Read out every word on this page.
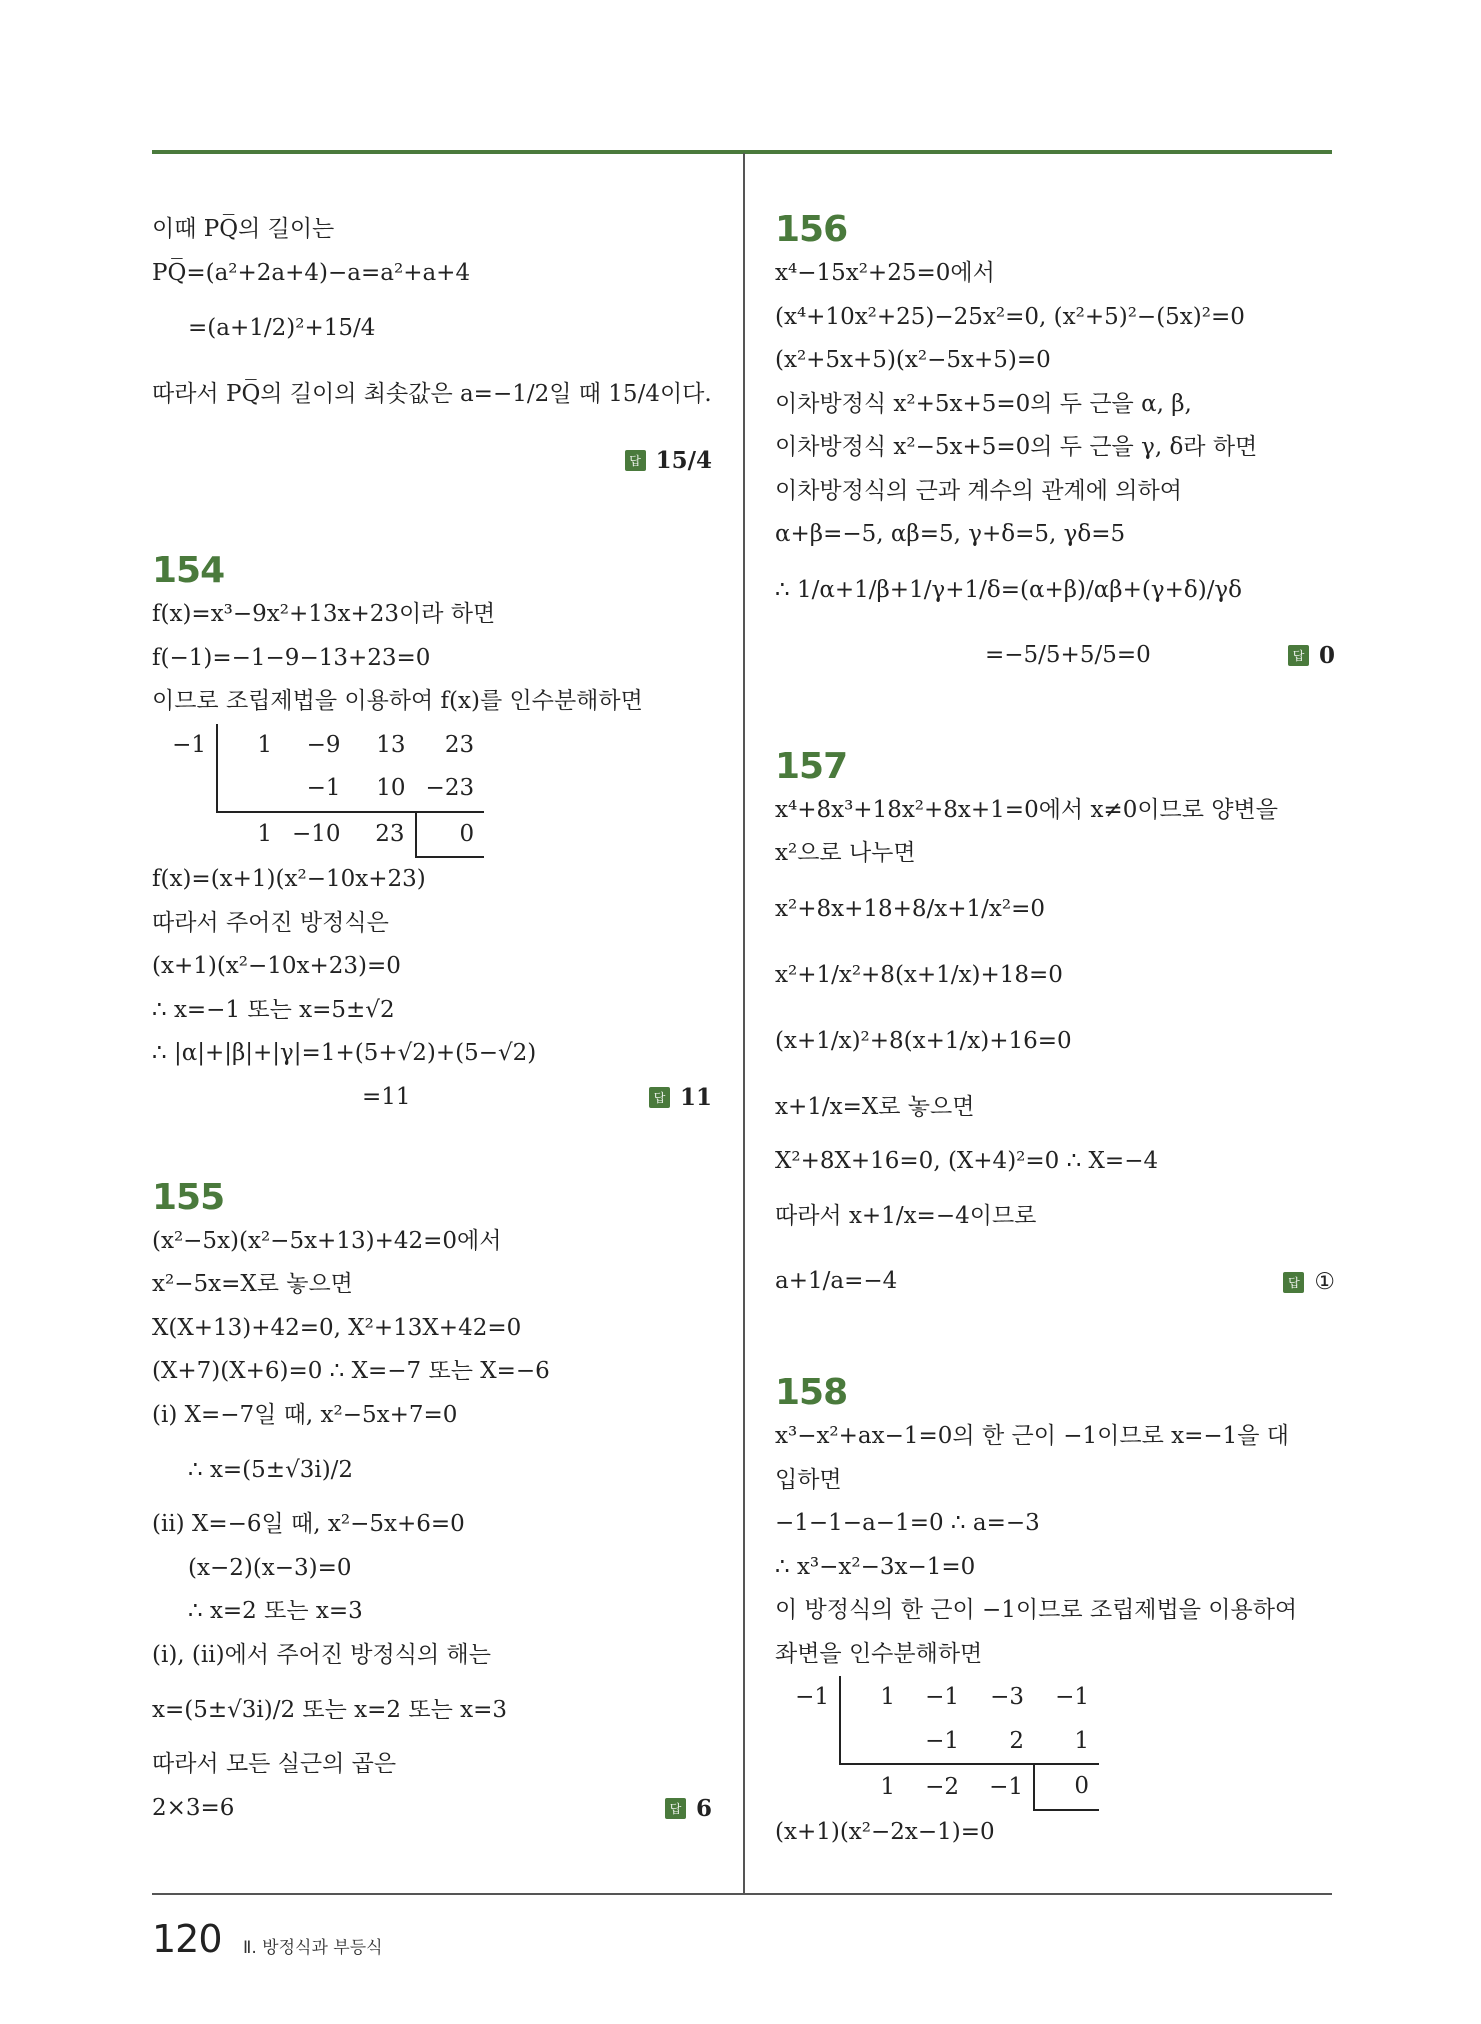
이때 PQ̅의 길이는
PQ̅=(a²+2a+4)−a=a²+a+4
=(a+1/2)²+15/4
따라서 PQ̅의 길이의 최솟값은 a=−1/2일 때 15/4이다.
답 15/4
154
f(x)=x³−9x²+13x+23이라 하면
f(−1)=−1−9−13+23=0
이므로 조립제법을 이용하여 f(x)를 인수분해하면
−1	1	−9	13	23
		−1	10	−23
	1	−10	23	0
f(x)=(x+1)(x²−10x+23)
따라서 주어진 방정식은
(x+1)(x²−10x+23)=0
∴ x=−1 또는 x=5±√2
∴ |α|+|β|+|γ|=1+(5+√2)+(5−√2)
=11	답 11
155
(x²−5x)(x²−5x+13)+42=0에서
x²−5x=X로 놓으면
X(X+13)+42=0, X²+13X+42=0
(X+7)(X+6)=0 ∴ X=−7 또는 X=−6
(ⅰ) X=−7일 때, x²−5x+7=0
∴ x=(5±√3i)/2
(ⅱ) X=−6일 때, x²−5x+6=0
(x−2)(x−3)=0
∴ x=2 또는 x=3
(ⅰ), (ⅱ)에서 주어진 방정식의 해는
x=(5±√3i)/2 또는 x=2 또는 x=3
따라서 모든 실근의 곱은
2×3=6	답 6
156
x⁴−15x²+25=0에서
(x⁴+10x²+25)−25x²=0, (x²+5)²−(5x)²=0
(x²+5x+5)(x²−5x+5)=0
이차방정식 x²+5x+5=0의 두 근을 α, β,
이차방정식 x²−5x+5=0의 두 근을 γ, δ라 하면
이차방정식의 근과 계수의 관계에 의하여
α+β=−5, αβ=5, γ+δ=5, γδ=5
∴ 1/α+1/β+1/γ+1/δ=(α+β)/αβ+(γ+δ)/γδ
=−5/5+5/5=0	답 0
157
x⁴+8x³+18x²+8x+1=0에서 x≠0이므로 양변을
x²으로 나누면
x²+8x+18+8/x+1/x²=0
x²+1/x²+8(x+1/x)+18=0
(x+1/x)²+8(x+1/x)+16=0
x+1/x=X로 놓으면
X²+8X+16=0, (X+4)²=0 ∴ X=−4
따라서 x+1/x=−4이므로
a+1/a=−4	답 ①
158
x³−x²+ax−1=0의 한 근이 −1이므로 x=−1을 대
입하면
−1−1−a−1=0 ∴ a=−3
∴ x³−x²−3x−1=0
이 방정식의 한 근이 −1이므로 조립제법을 이용하여
좌변을 인수분해하면
−1	1	−1	−3	−1
		−1	2	1
	1	−2	−1	0
(x+1)(x²−2x−1)=0
120 Ⅱ. 방정식과 부등식
